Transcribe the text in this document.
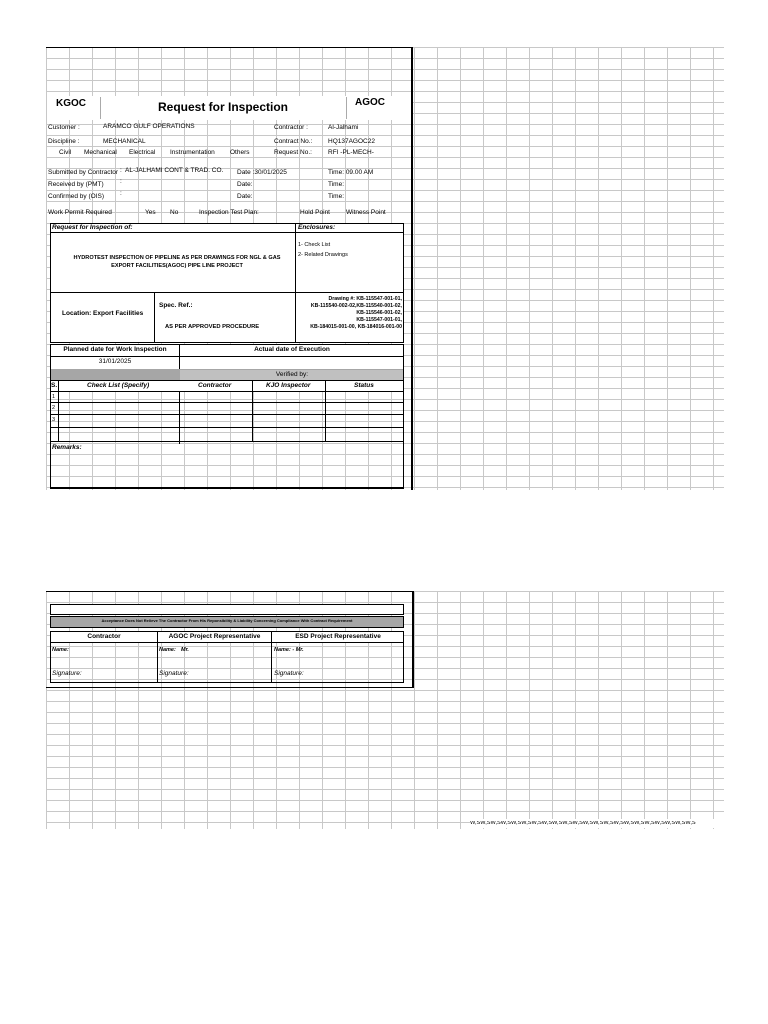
KGOC	Request for Inspection	AGOC
Customer :	ARAMCO GULF OPERATIONS	Contractor :	Al-Jalhami
Discipline :	MECHANICAL	Contract No.: HQ137AGOC22
Civil Mechanical Electrical Instrumentation Others	Request No.: RFI -PL-MECH-
Submitted by Contractor : AL-JALHAMI CONT & TRAD. CO. Date :30/01/2025	Time: 09.00 AM
Received by (PMT)	:	Date:	Time:
Confirmed by (OIS) :	Date:	Time:
Work Permit Required	Yes No	Inspection Test Plan:	Hold Point Witness Point
Request for Inspection of:	Enclosures:
1- Check List
2- Related Drawings
HYDROTEST INSPECTION OF PIPELINE AS PER DRAWINGS FOR NGL & GAS
EXPORT FACILITIES(AGOC) PIPE LINE PROJECT
Location: Export Facilities
Spec. Ref.:
AS PER APPROVED PROCEDURE
Drawing #: KB-115547-001-01,
KB-115540-002-02,KB-115540-001-02,
KB-115546-001-02,
KB-115547-001-01,
KB-184015-001-00, KB-184016-001-00
Planned date for Work Inspection	Actual date of Execution
31/01/2025
Verified by:
S.	Check List (Specify)	Contractor	KJO Inspector	Status
1
2
3
Remarks:
Acceptance Does Not Relieve The Contractor From His Reponsibility & Liability Concerning Compliance With Contract Requirement
Contractor	AGOC Project Representative	ESD Project Representative
Name:	Name: Mr.	Name: - Mr.
Signature:	Signature:	Signature:
W,SW,SW,SW,SW,SW,SW,SW,SW,SW,SW,SW,SW,SW,SW,SW,SW,SW,SW,SW,SW,SW,S
